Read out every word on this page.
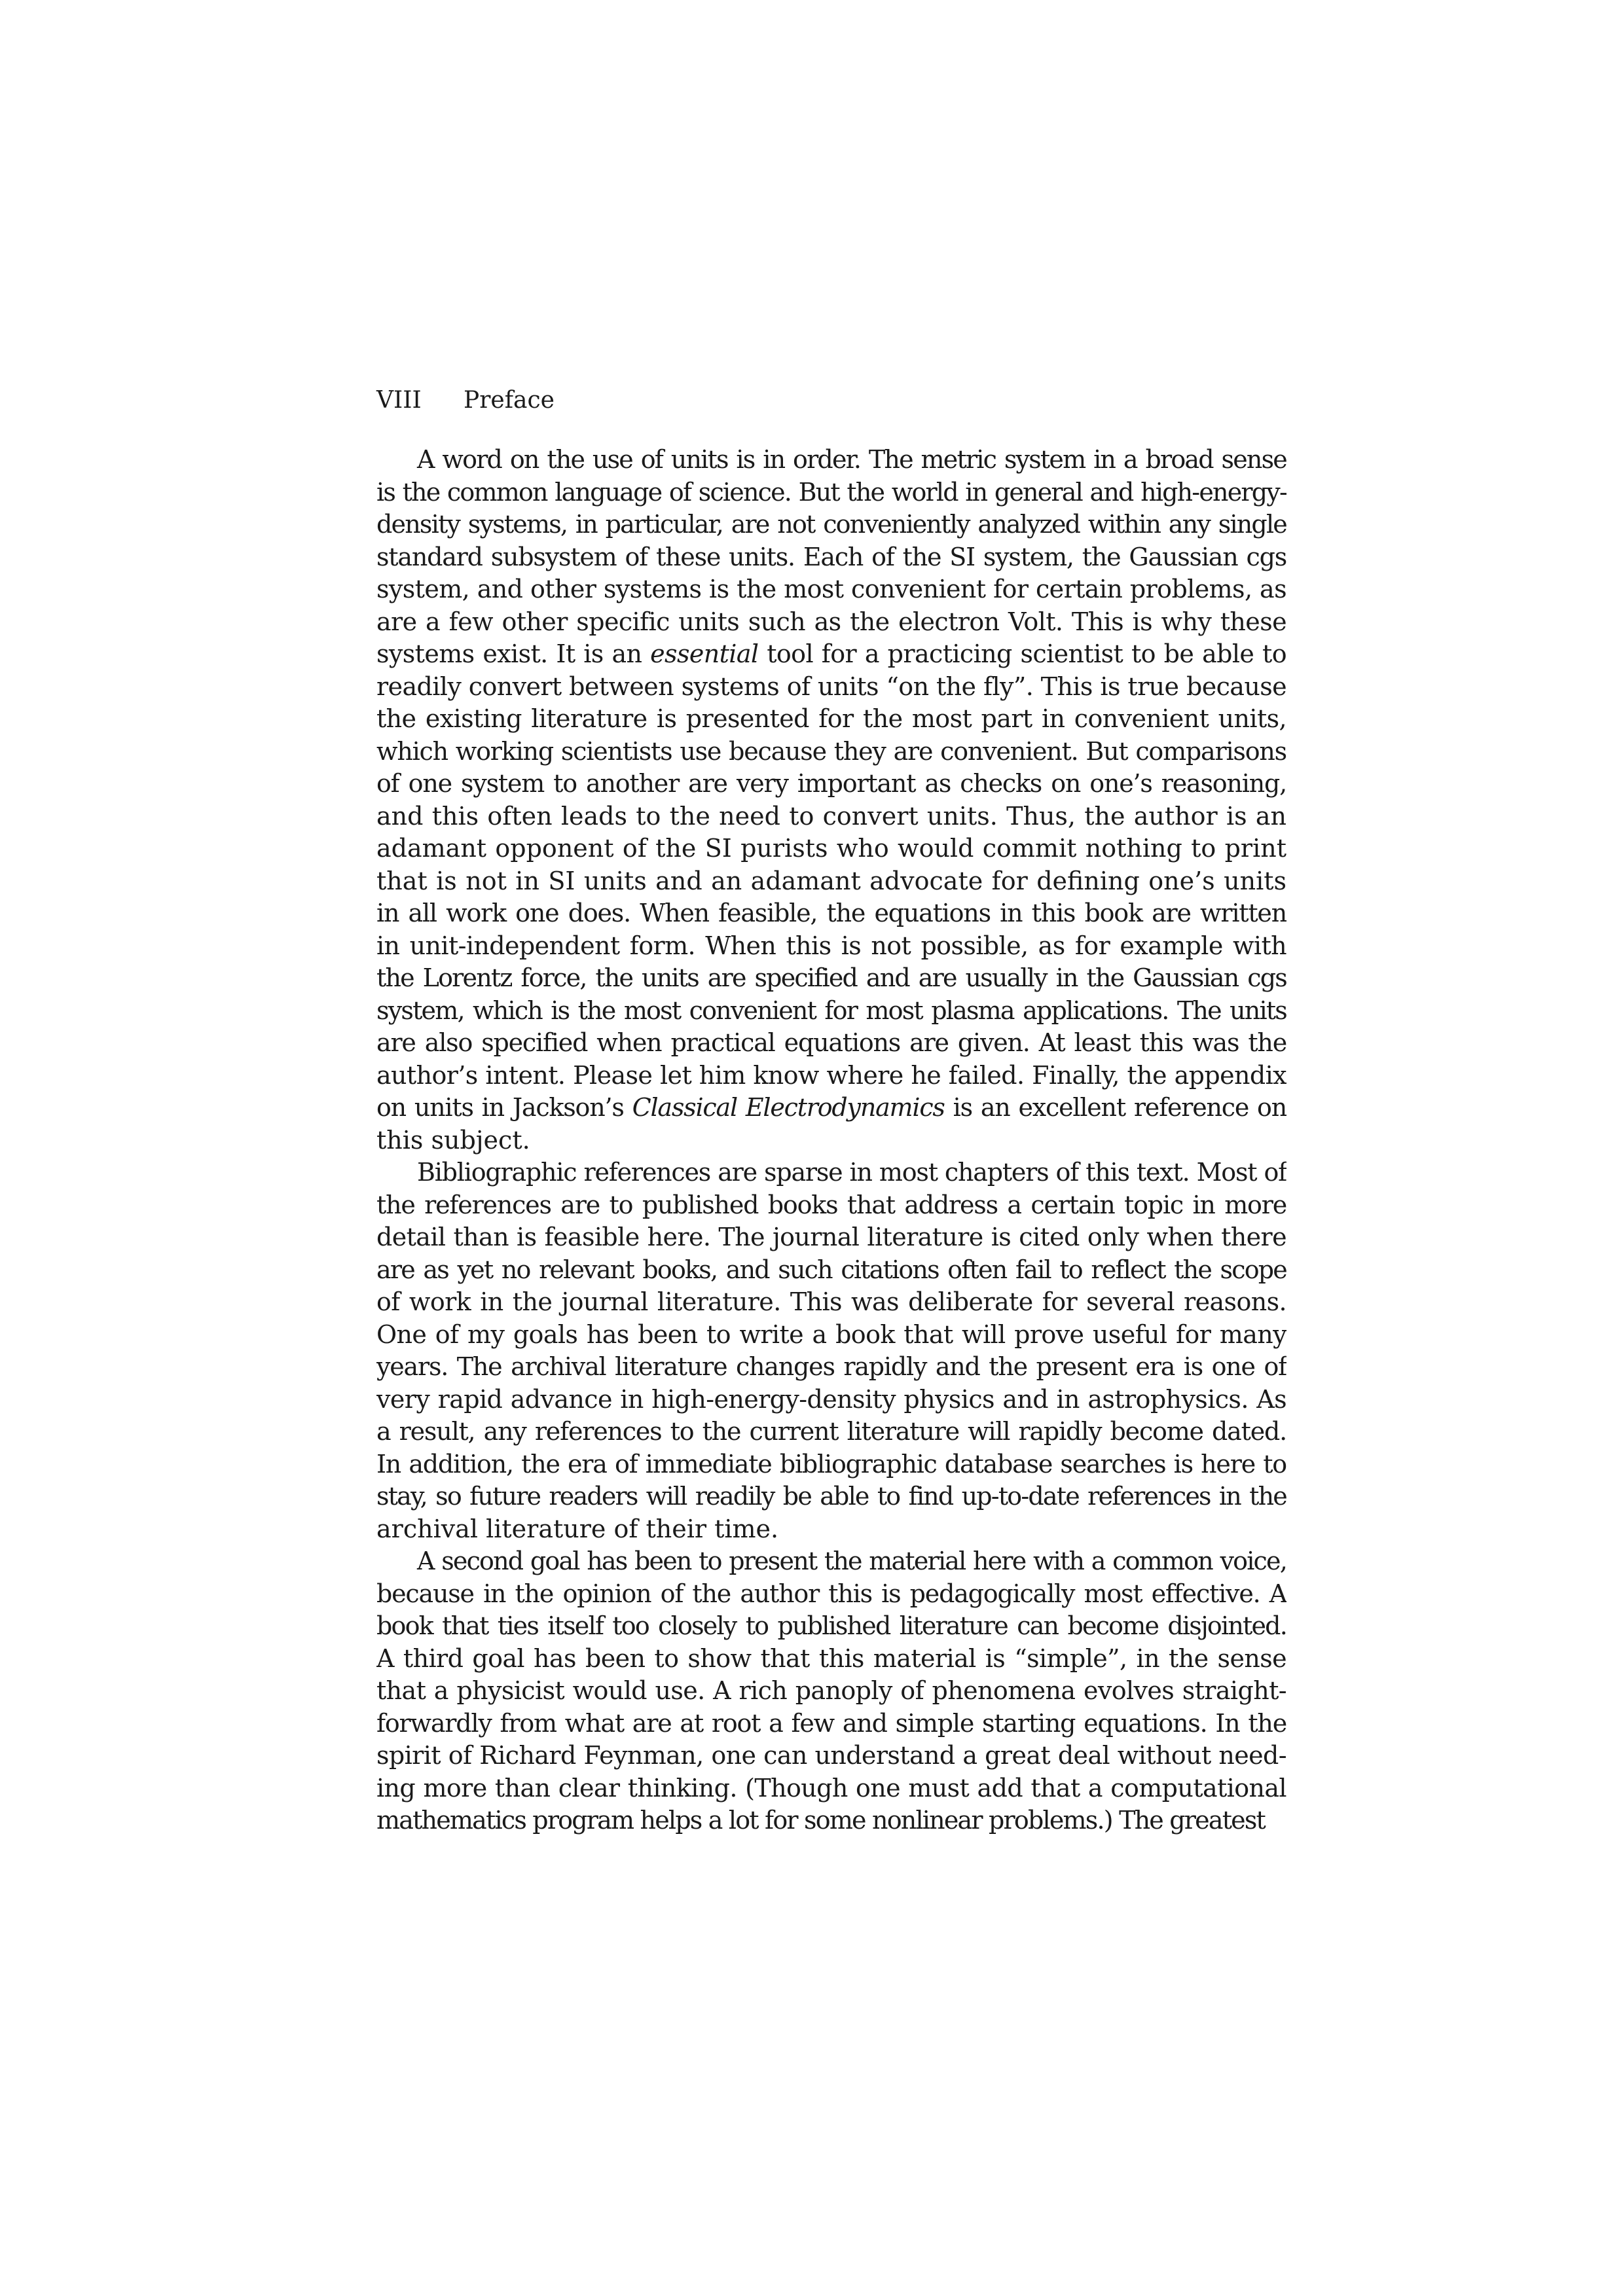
VIII Preface
A word on the use of units is in order. The metric system in a broad sense
is the common language of science. But the world in general and high-energy-
density systems, in particular, are not conveniently analyzed within any single
standard subsystem of these units. Each of the SI system, the Gaussian cgs
system, and other systems is the most convenient for certain problems, as
are a few other specific units such as the electron Volt. This is why these
systems exist. It is an essential tool for a practicing scientist to be able to
readily convert between systems of units “on the fly”. This is true because
the existing literature is presented for the most part in convenient units,
which working scientists use because they are convenient. But comparisons
of one system to another are very important as checks on one’s reasoning,
and this often leads to the need to convert units. Thus, the author is an
adamant opponent of the SI purists who would commit nothing to print
that is not in SI units and an adamant advocate for defining one’s units
in all work one does. When feasible, the equations in this book are written
in unit-independent form. When this is not possible, as for example with
the Lorentz force, the units are specified and are usually in the Gaussian cgs
system, which is the most convenient for most plasma applications. The units
are also specified when practical equations are given. At least this was the
author’s intent. Please let him know where he failed. Finally, the appendix
on units in Jackson’s Classical Electrodynamics is an excellent reference on
this subject.
Bibliographic references are sparse in most chapters of this text. Most of
the references are to published books that address a certain topic in more
detail than is feasible here. The journal literature is cited only when there
are as yet no relevant books, and such citations often fail to reflect the scope
of work in the journal literature. This was deliberate for several reasons.
One of my goals has been to write a book that will prove useful for many
years. The archival literature changes rapidly and the present era is one of
very rapid advance in high-energy-density physics and in astrophysics. As
a result, any references to the current literature will rapidly become dated.
In addition, the era of immediate bibliographic database searches is here to
stay, so future readers will readily be able to find up-to-date references in the
archival literature of their time.
A second goal has been to present the material here with a common voice,
because in the opinion of the author this is pedagogically most effective. A
book that ties itself too closely to published literature can become disjointed.
A third goal has been to show that this material is “simple”, in the sense
that a physicist would use. A rich panoply of phenomena evolves straight-
forwardly from what are at root a few and simple starting equations. In the
spirit of Richard Feynman, one can understand a great deal without need-
ing more than clear thinking. (Though one must add that a computational
mathematics program helps a lot for some nonlinear problems.) The greatest
